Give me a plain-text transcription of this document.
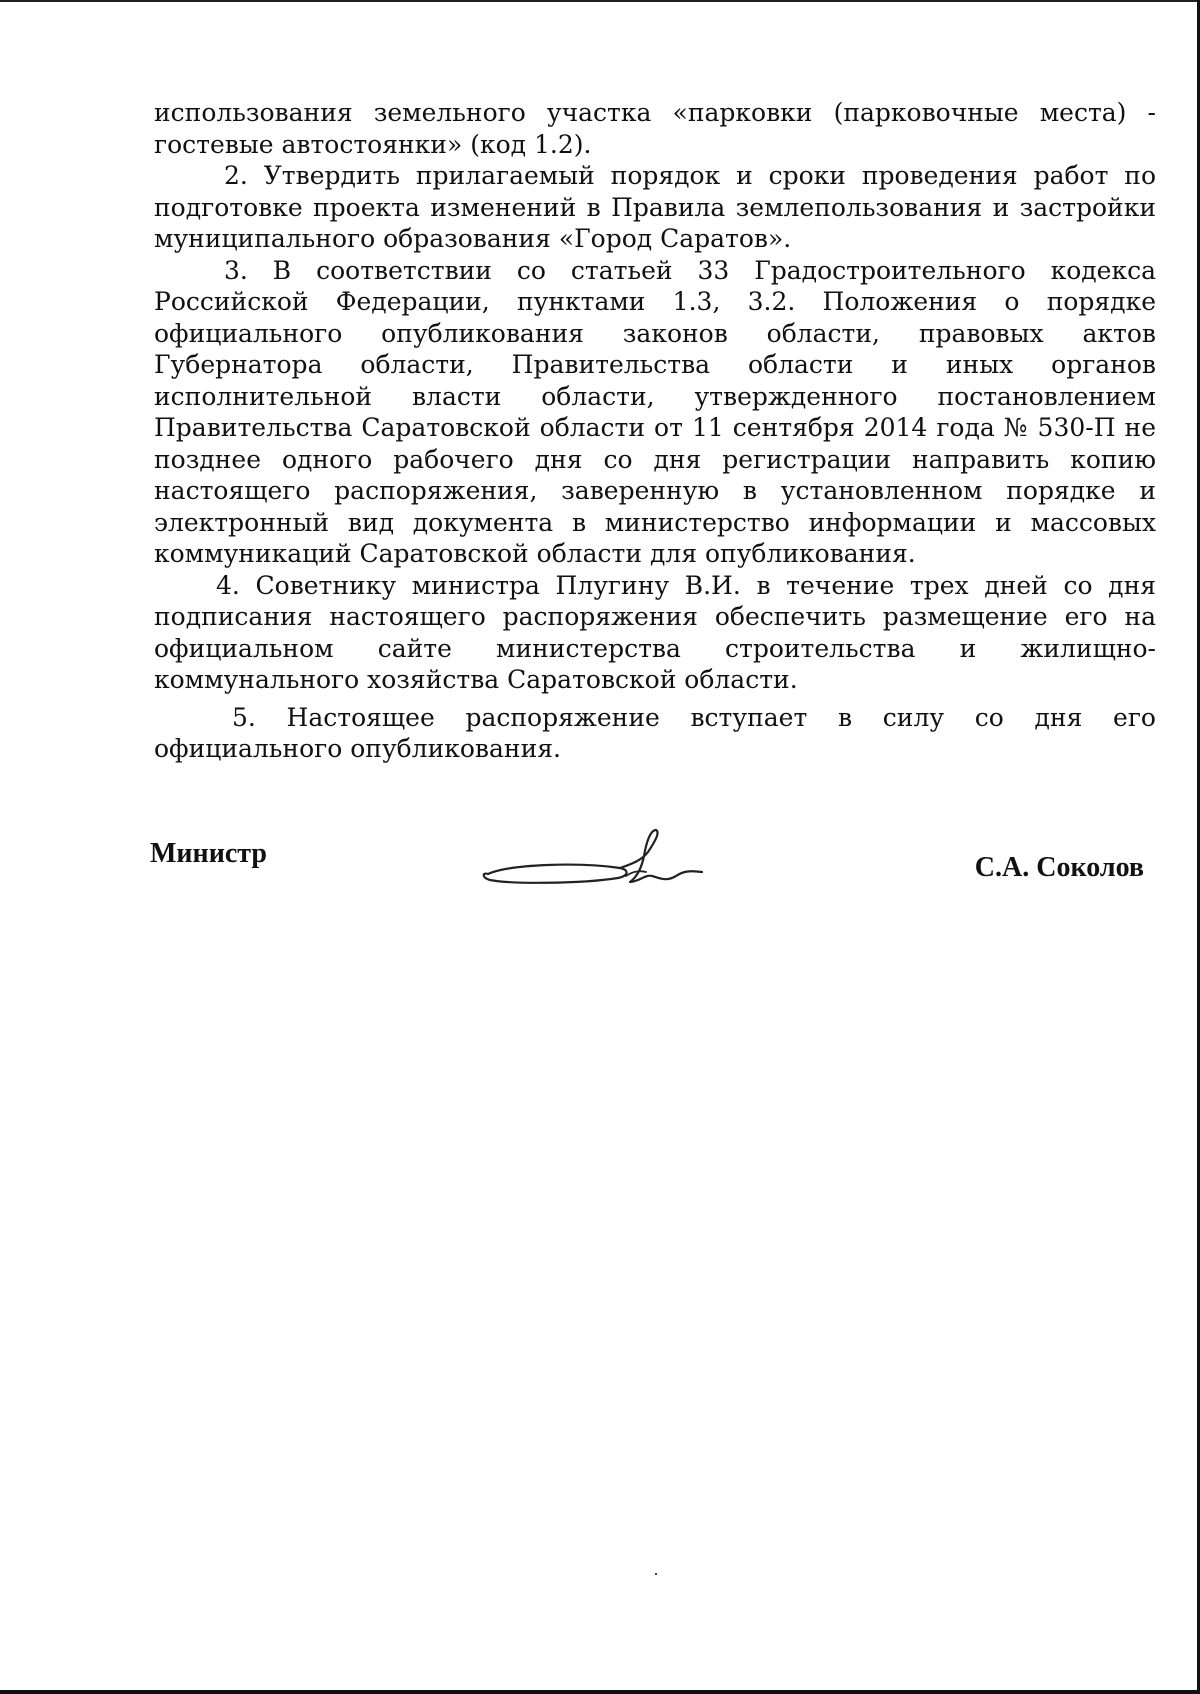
использования земельного участка «парковки (парковочные места) - гостевые автостоянки» (код 1.2).

2. Утвердить прилагаемый порядок и сроки проведения работ по подготовке проекта изменений в Правила землепользования и застройки муниципального образования «Город Саратов».

3. В соответствии со статьей 33 Градостроительного кодекса Российской Федерации, пунктами 1.3, 3.2. Положения о порядке официального опубликования законов области, правовых актов Губернатора области, Правительства области и иных органов исполнительной власти области, утвержденного постановлением Правительства Саратовской области от 11 сентября 2014 года № 530-П не позднее одного рабочего дня со дня регистрации направить копию настоящего распоряжения, заверенную в установленном порядке и электронный вид документа в министерство информации и массовых коммуникаций Саратовской области для опубликования.

4. Советнику министра Плугину В.И. в течение трех дней со дня подписания настоящего распоряжения обеспечить размещение его на официальном сайте министерства строительства и жилищно-коммунального хозяйства Саратовской области.

5. Настоящее распоряжение вступает в силу со дня его официального опубликования.

Министр	С.А. Соколов
